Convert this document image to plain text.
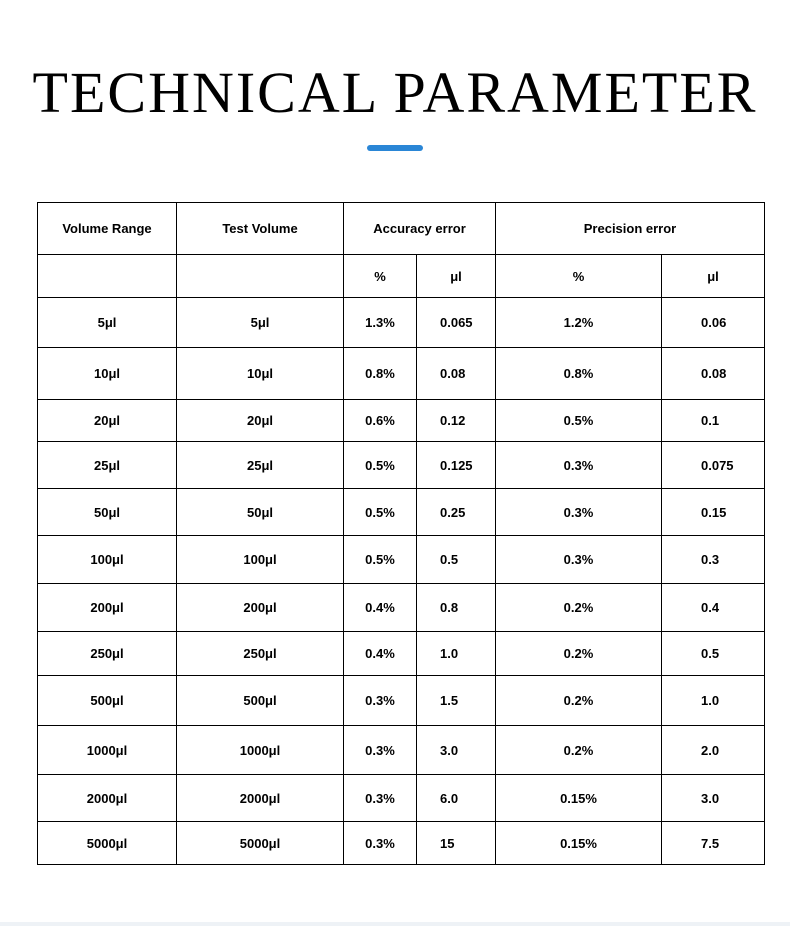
TECHNICAL PARAMETER
Volume Range	Test Volume	Accuracy error		Precision error	
		%	μl	%	μl
5μl	5μl	1.3%	0.065	1.2%	0.06
10μl	10μl	0.8%	0.08	0.8%	0.08
20μl	20μl	0.6%	0.12	0.5%	0.1
25μl	25μl	0.5%	0.125	0.3%	0.075
50μl	50μl	0.5%	0.25	0.3%	0.15
100μl	100μl	0.5%	0.5	0.3%	0.3
200μl	200μl	0.4%	0.8	0.2%	0.4
250μl	250μl	0.4%	1.0	0.2%	0.5
500μl	500μl	0.3%	1.5	0.2%	1.0
1000μl	1000μl	0.3%	3.0	0.2%	2.0
2000μl	2000μl	0.3%	6.0	0.15%	3.0
5000μl	5000μl	0.3%	15	0.15%	7.5
